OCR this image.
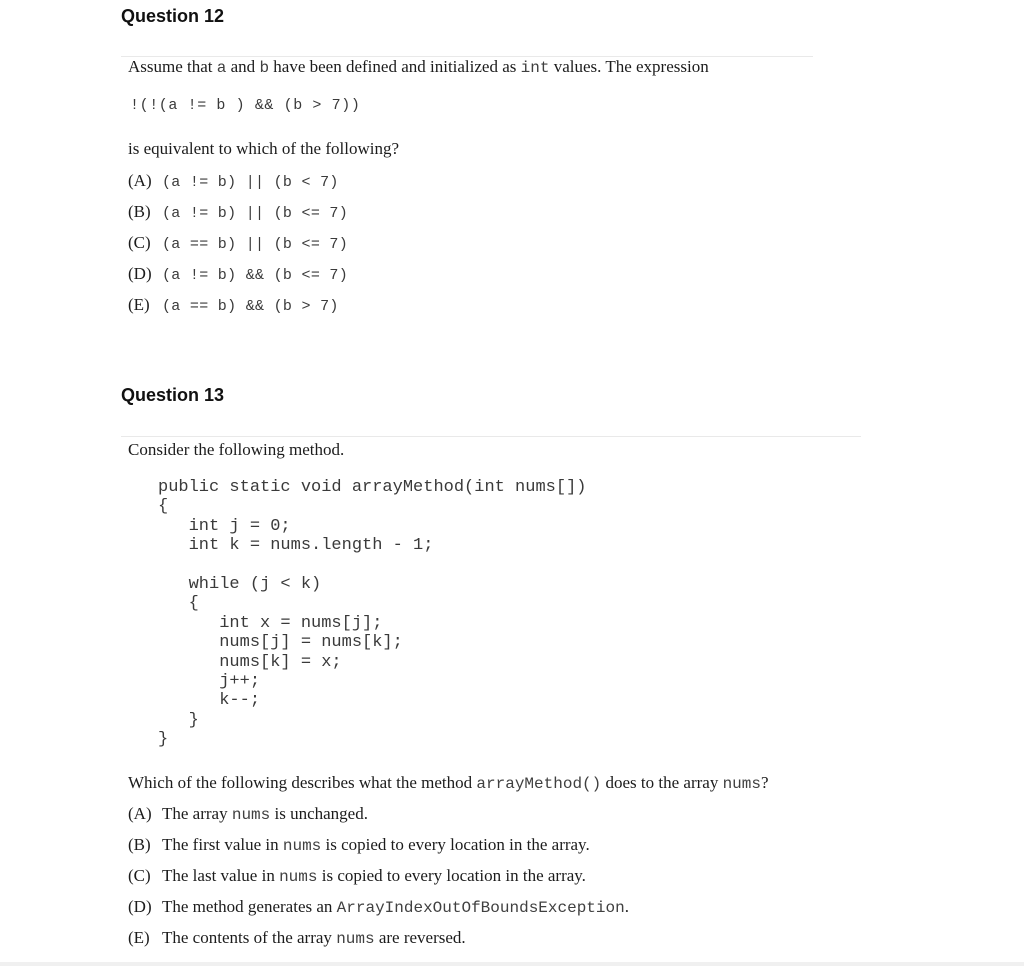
Question 12
Assume that a and b have been defined and initialized as int values. The expression
!(!(a != b ) && (b > 7))
is equivalent to which of the following?
(A) (a != b) || (b < 7)
(B) (a != b) || (b <= 7)
(C) (a == b) || (b <= 7)
(D) (a != b) && (b <= 7)
(E) (a == b) && (b > 7)
Question 13
Consider the following method.
public static void arrayMethod(int nums[])
{
int j = 0;
int k = nums.length - 1;

while (j < k)
{
int x = nums[j];
nums[j] = nums[k];
nums[k] = x;
j++;
k--;
}
}
Which of the following describes what the method arrayMethod() does to the array nums?
(A) The array nums is unchanged.
(B) The first value in nums is copied to every location in the array.
(C) The last value in nums is copied to every location in the array.
(D) The method generates an ArrayIndexOutOfBoundsException.
(E) The contents of the array nums are reversed.
